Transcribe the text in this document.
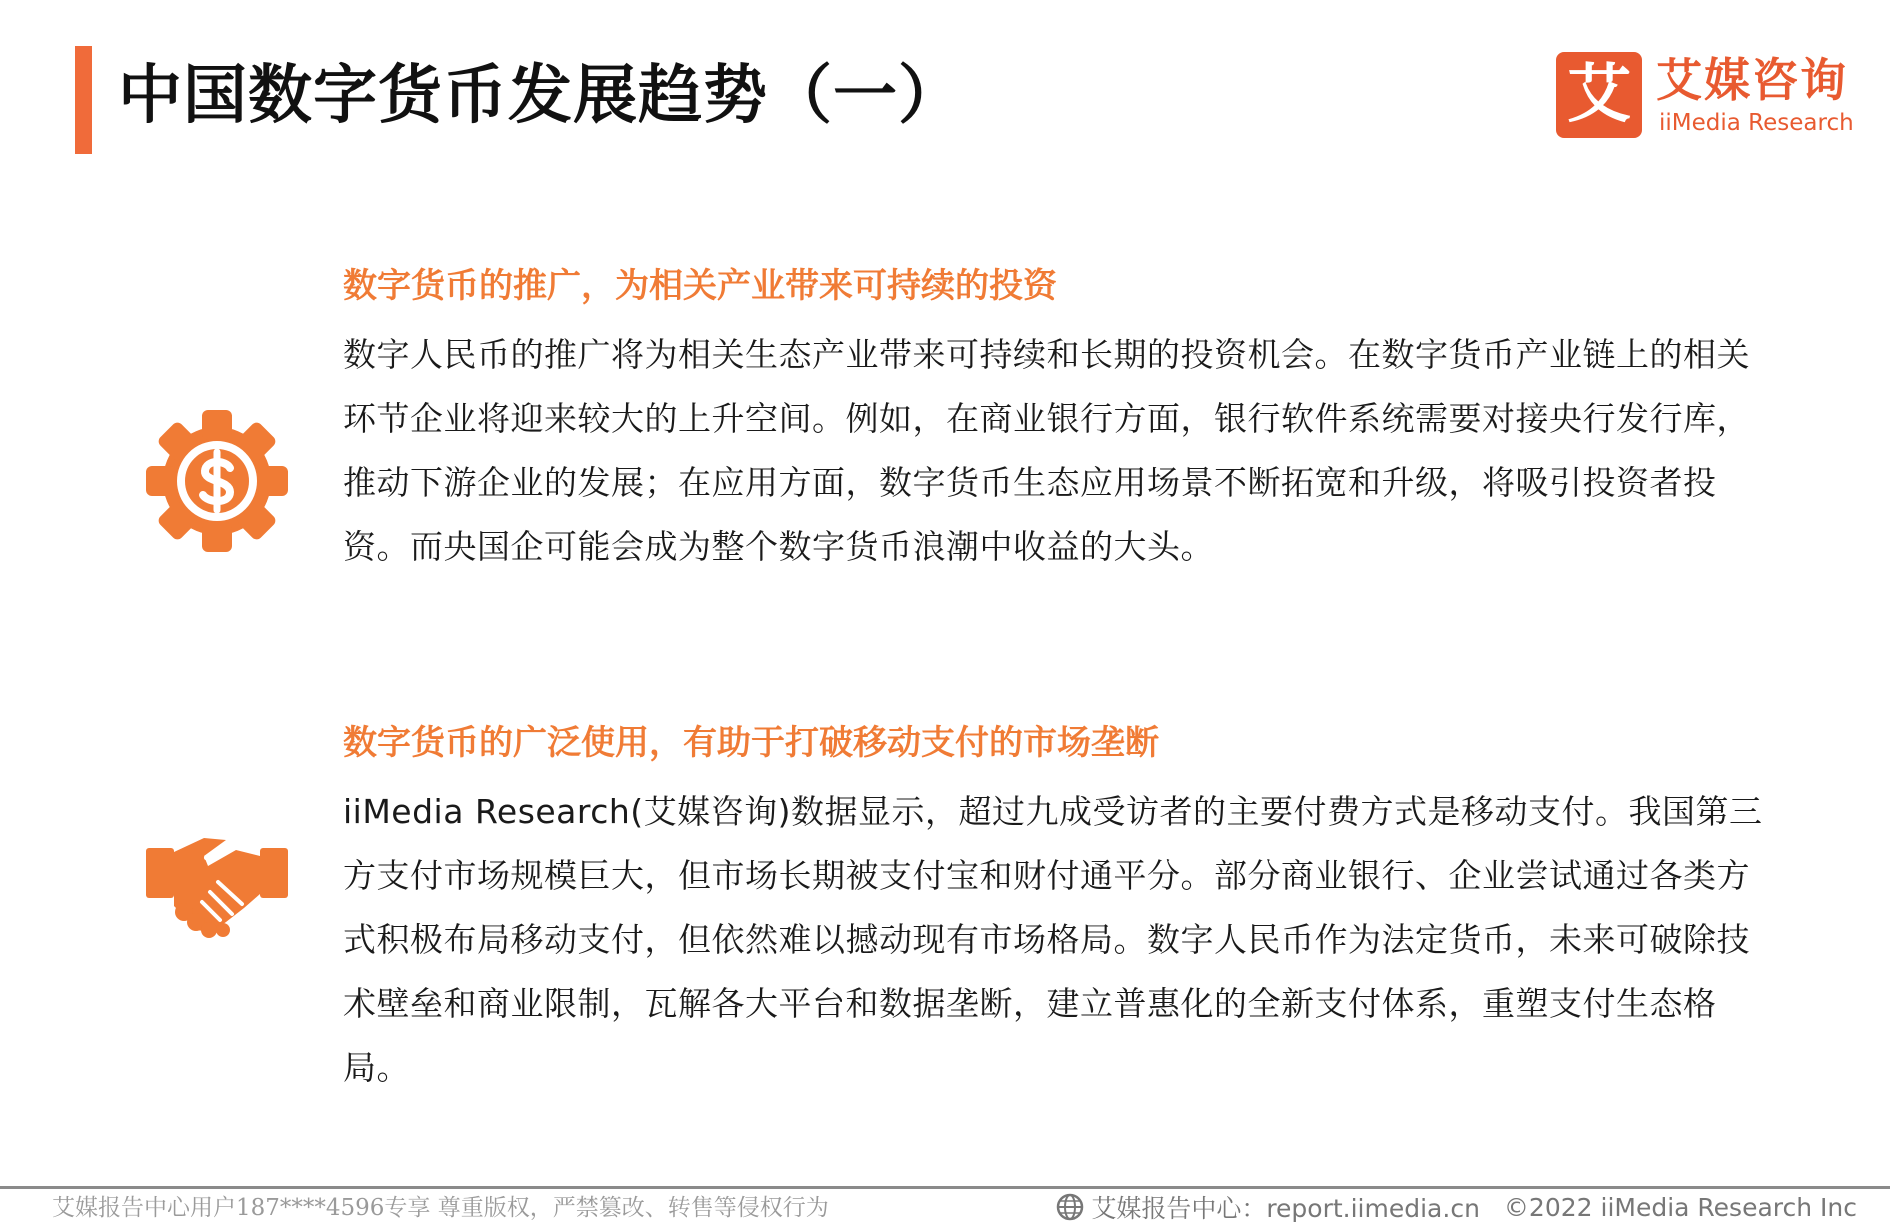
中国数字货币发展趋势（一）	艾 艾媒咨询
iiMedia Research
数字货币的推广，为相关产业带来可持续的投资

数字人民币的推广将为相关生态产业带来可持续和长期的投资机会。在数字货币产业链上的相关环节企业将迎来较大的上升空间。例如，在商业银行方面，银行软件系统需要对接央行发行库，推动下游企业的发展；在应用方面，数字货币生态应用场景不断拓宽和升级，将吸引投资者投资。而央国企可能会成为整个数字货币浪潮中收益的大头。

数字货币的广泛使用，有助于打破移动支付的市场垄断

iiMedia Research(艾媒咨询)数据显示，超过九成受访者的主要付费方式是移动支付。我国第三方支付市场规模巨大，但市场长期被支付宝和财付通平分。部分商业银行、企业尝试通过各类方式积极布局移动支付，但依然难以撼动现有市场格局。数字人民币作为法定货币，未来可破除技术壁垒和商业限制，瓦解各大平台和数据垄断，建立普惠化的全新支付体系，重塑支付生态格局。

艾媒报告中心用户187****4596专享 尊重版权，严禁篡改、转售等侵权行为	艾媒报告中心：report.iimedia.cn ©2022 iiMedia Research Inc
